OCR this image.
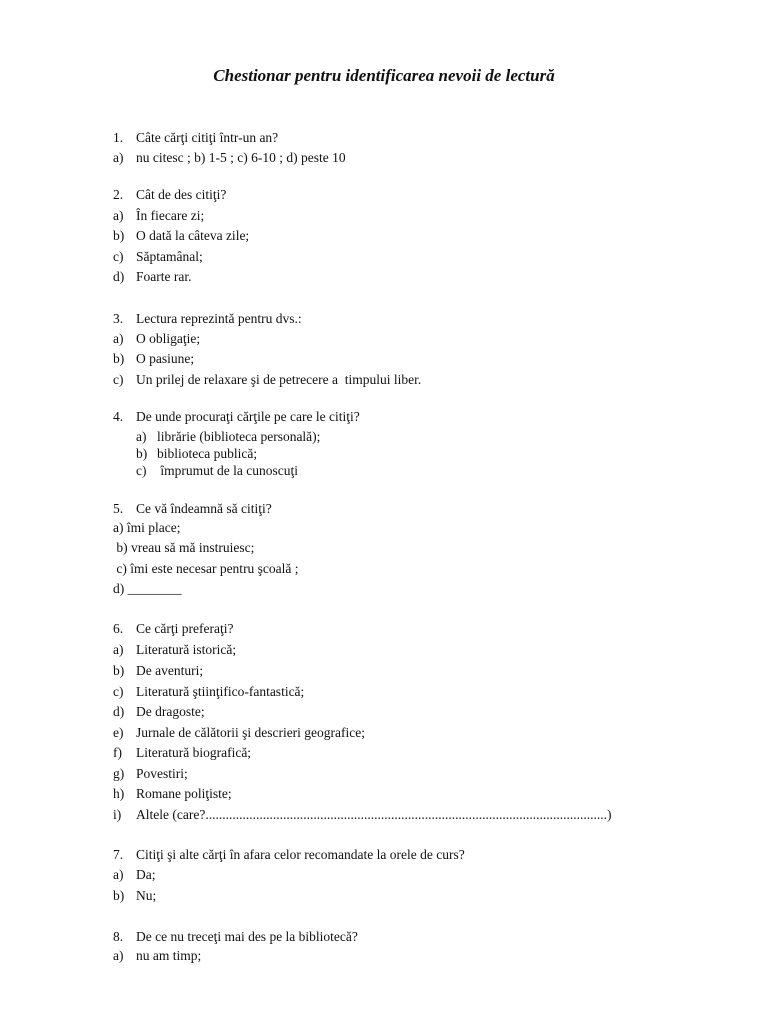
Chestionar pentru identificarea nevoii de lectură
1. Câte cărţi citiţi într-un an?
a) nu citesc ; b) 1-5 ; c) 6-10 ; d) peste 10
2. Cât de des citiţi?
a) În fiecare zi;
b) O dată la câteva zile;
c) Săptamânal;
d) Foarte rar.
3. Lectura reprezintă pentru dvs.:
a) O obligaţie;
b) O pasiune;
c) Un prilej de relaxare şi de petrecere a  timpului liber.
4. De unde procuraţi cărţile pe care le citiţi?
a) librărie (biblioteca personală);
b) biblioteca publică;
c) împrumut de la cunoscuţi
5. Ce vă îndeamnă să citiţi?
a) îmi place;
b) vreau să mă instruiesc;
c) îmi este necesar pentru şcoală ;
d) ________
6. Ce cărţi preferaţi?
a) Literatură istorică;
b) De aventuri;
c) Literatură ştiinţifico-fantastică;
d) De dragoste;
e) Jurnale de călătorii şi descrieri geografice;
f) Literatură biografică;
g) Povestiri;
h) Romane poliţiste;
i) Altele (care?.......................................................................................................................)
7. Citiţi şi alte cărţi în afara celor recomandate la orele de curs?
a) Da;
b) Nu;
8. De ce nu treceţi mai des pe la bibliotecă?
a) nu am timp;
